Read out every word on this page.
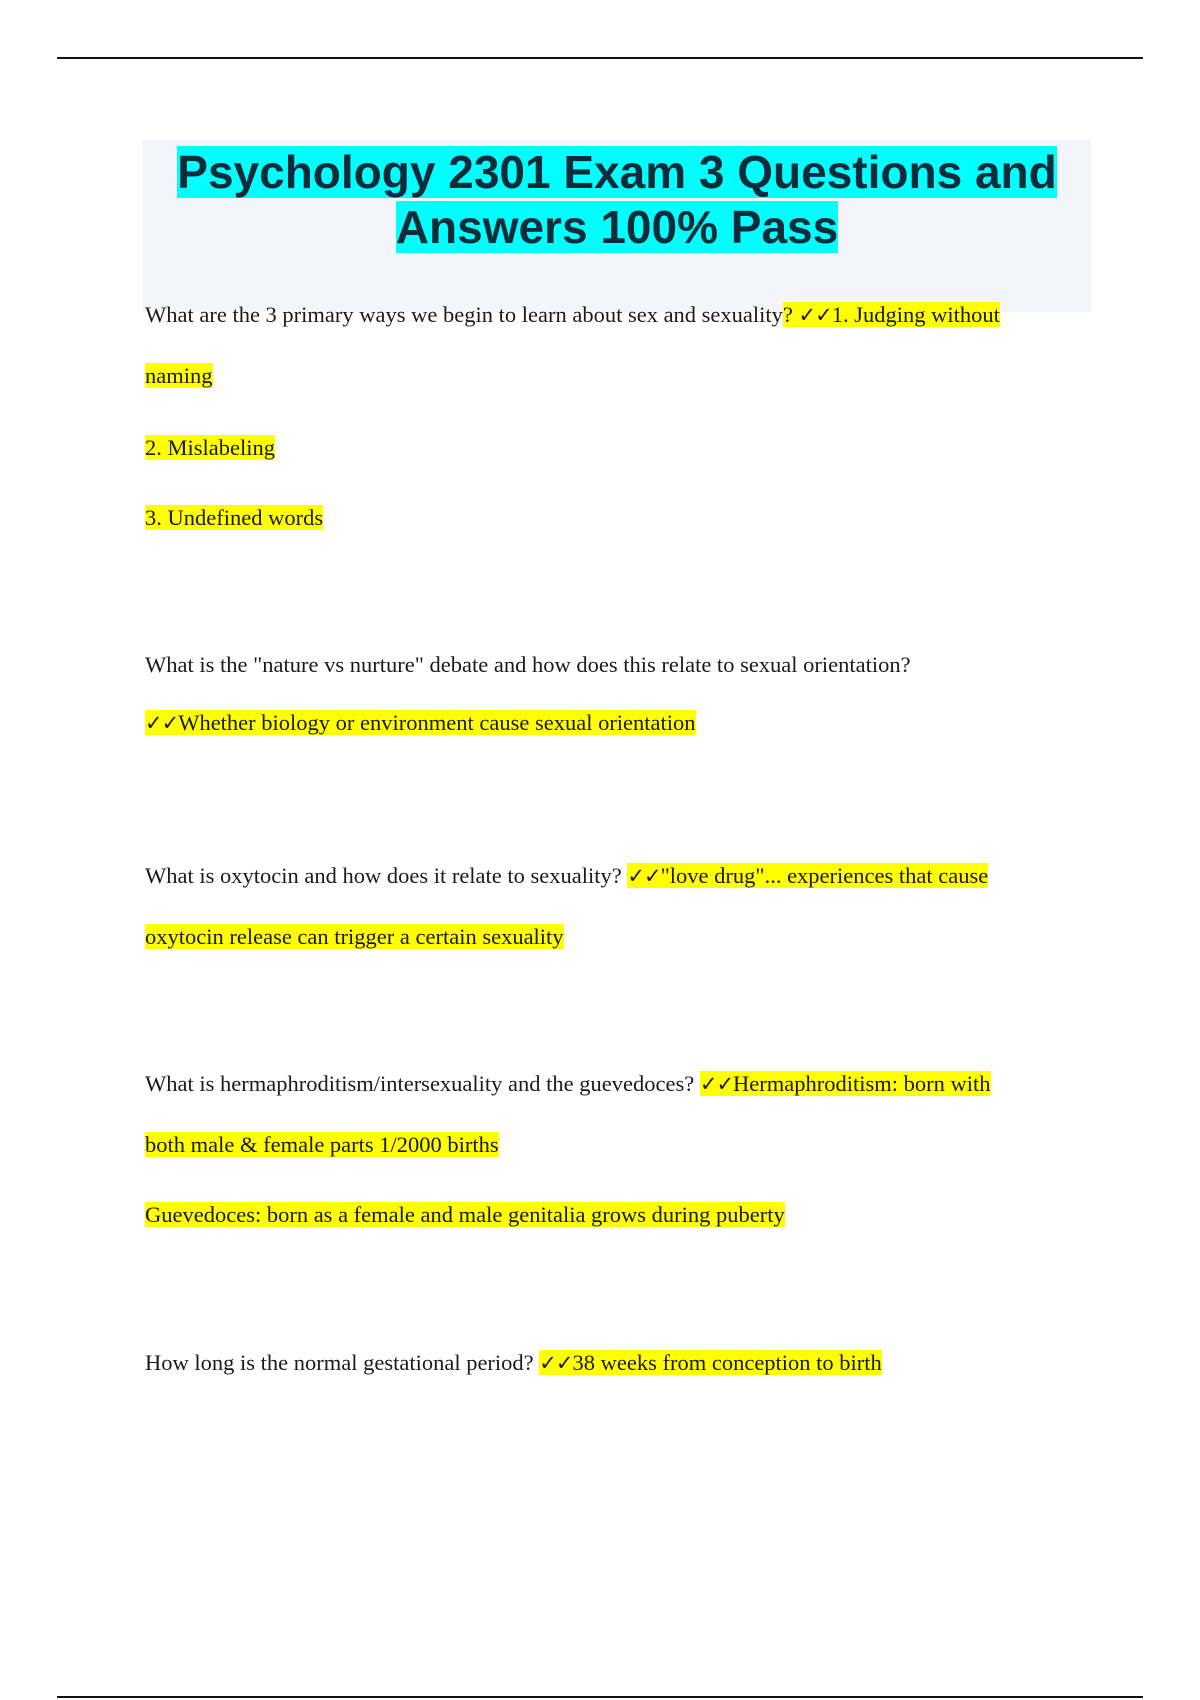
Psychology 2301 Exam 3 Questions and
Answers 100% Pass
What are the 3 primary ways we begin to learn about sex and sexuality? ✓✓1. Judging without
naming
2. Mislabeling
3. Undefined words
What is the "nature vs nurture" debate and how does this relate to sexual orientation?
✓✓Whether biology or environment cause sexual orientation
What is oxytocin and how does it relate to sexuality? ✓✓"love drug"... experiences that cause
oxytocin release can trigger a certain sexuality
What is hermaphroditism/intersexuality and the guevedoces? ✓✓Hermaphroditism: born with
both male & female parts 1/2000 births
Guevedoces: born as a female and male genitalia grows during puberty
How long is the normal gestational period? ✓✓38 weeks from conception to birth
